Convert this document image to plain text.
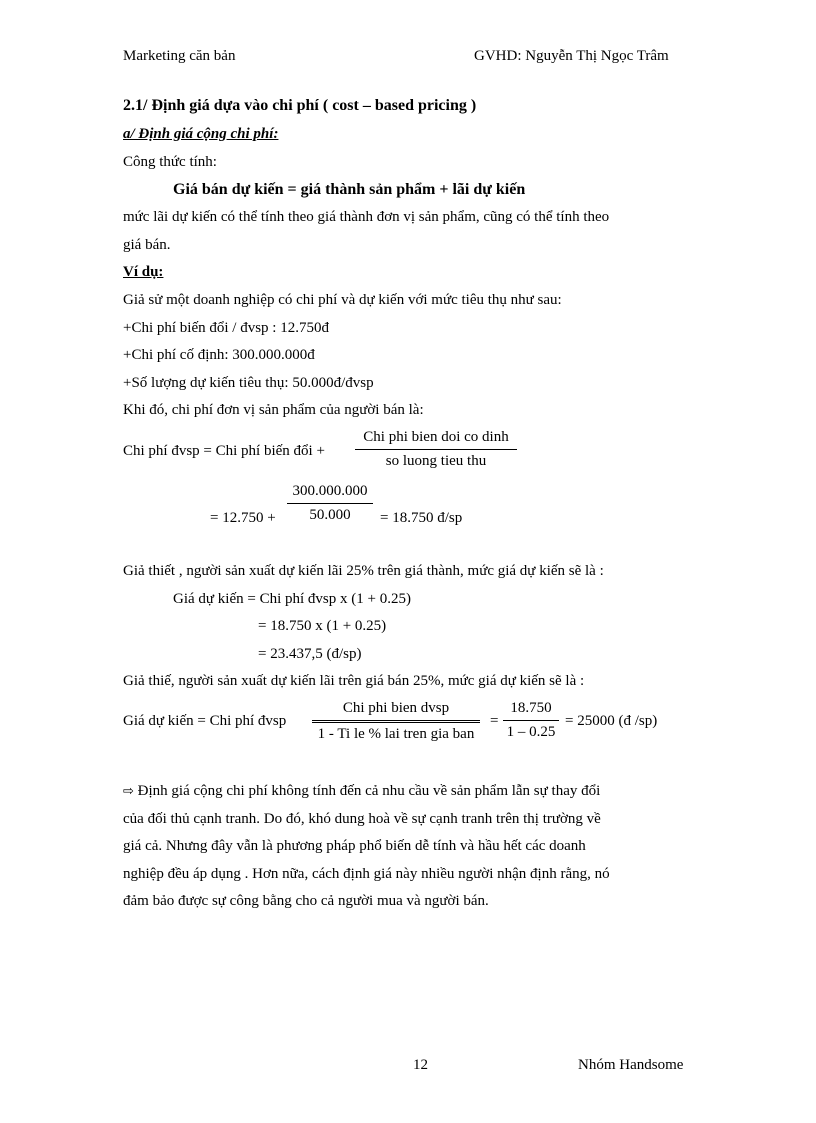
Marketing căn bản	GVHD: Nguyễn Thị Ngọc Trâm
2.1/ Định giá dựa vào chi phí ( cost – based pricing )
a/ Định giá cộng chi phí:
Công thức tính:
Giá bán dự kiến = giá thành sản phẩm + lãi dự kiến
mức lãi dự kiến có thể tính theo giá thành đơn vị sản phẩm, cũng có thể tính theo
giá bán.
Ví dụ:
Giả sử một doanh nghiệp có chi phí và dự kiến với mức tiêu thụ như sau:
+Chi phí biến đổi / đvsp : 12.750đ
+Chi phí cố định: 300.000.000đ
+Số lượng dự kiến tiêu thụ: 50.000đ/đvsp
Khi đó, chi phí đơn vị sản phẩm của người bán là:
Chi phí đvsp = Chi phí biến đổi +
Chi phi bien doi co dinh
so luong tieu thu
= 12.750 +
300.000.000
50.000	= 18.750 đ/sp
Giả thiết , người sản xuất dự kiến lãi 25% trên giá thành, mức giá dự kiến sẽ là :
Giá dự kiến = Chi phí đvsp x (1 + 0.25)
= 18.750 x (1 + 0.25)
= 23.437,5 (đ/sp)
Giả thiế, người sản xuất dự kiến lãi trên giá bán 25%, mức giá dự kiến sẽ là :
Giá dự kiến = Chi phí đvsp
Chi phi bien dvsp
1 - Ti le % lai tren gia ban
=
18.750
1 – 0.25
= 25000 (đ /sp)
⇨ Định giá cộng chi phí không tính đến cả nhu cầu về sản phẩm lẫn sự thay đổi
của đối thủ cạnh tranh. Do đó, khó dung hoà về sự cạnh tranh trên thị trường về
giá cả. Nhưng đây vẫn là phương pháp phổ biến dễ tính và hầu hết các doanh
nghiệp đều áp dụng . Hơn nữa, cách định giá này nhiều người nhận định rằng, nó
đảm bảo được sự công bằng cho cả người mua và người bán.
12	Nhóm Handsome
